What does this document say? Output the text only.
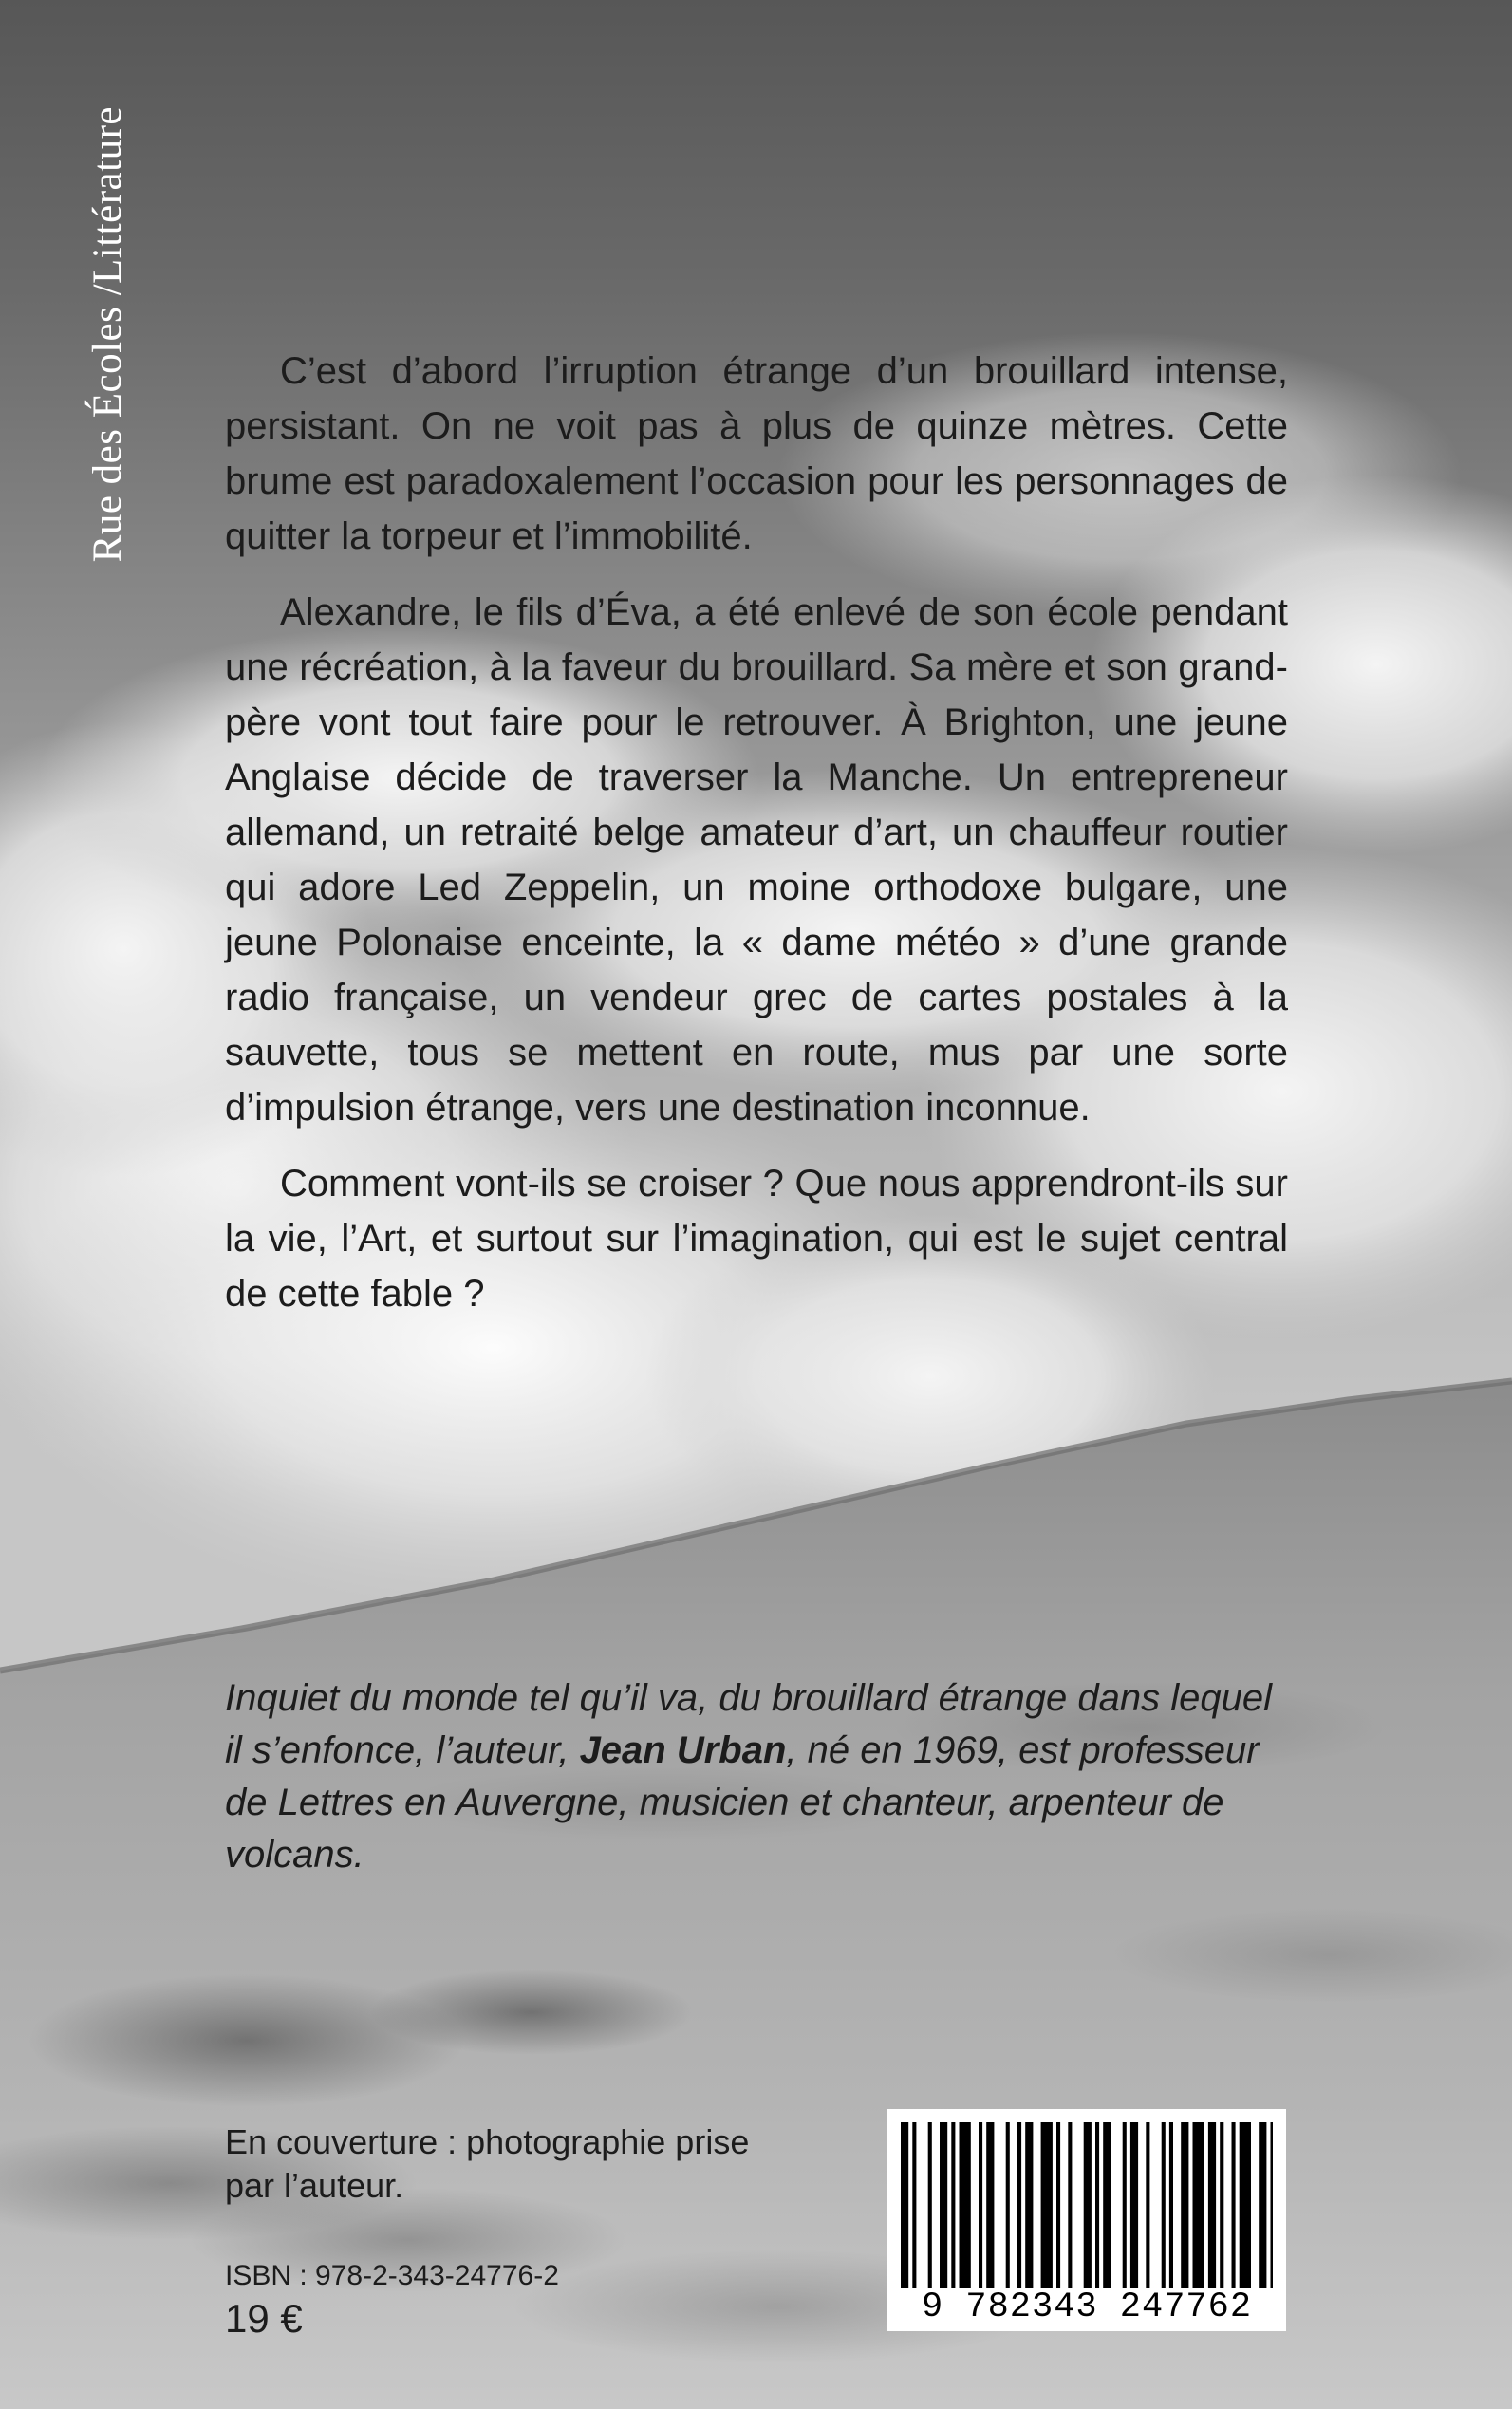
Rue des Écoles /Littérature	C’est d’abord l’irruption étrange d’un brouillard intense, persistant. On ne voit pas à plus de quinze mètres. Cette brume est paradoxalement l’occasion pour les personnages de quitter la torpeur et l’immobilité.

Alexandre, le fils d’Éva, a été enlevé de son école pendant une récréation, à la faveur du brouillard. Sa mère et son grand-père vont tout faire pour le retrouver. À Brighton, une jeune Anglaise décide de traverser la Manche. Un entrepreneur allemand, un retraité belge amateur d’art, un chauffeur routier qui adore Led Zeppelin, un moine orthodoxe bulgare, une jeune Polonaise enceinte, la « dame météo » d’une grande radio française, un vendeur grec de cartes postales à la sauvette, tous se mettent en route, mus par une sorte d’impulsion étrange, vers une destination inconnue.

Comment vont-ils se croiser ? Que nous apprendront-ils sur la vie, l’Art, et surtout sur l’imagination, qui est le sujet central de cette fable ?

Inquiet du monde tel qu’il va, du brouillard étrange dans lequel il s’enfonce, l’auteur, Jean Urban, né en 1969, est professeur de Lettres en Auvergne, musicien et chanteur, arpenteur de volcans.
En couverture : photographie prise
par l’auteur.
ISBN : 978-2-343-24776-2
19 €	9 782343 247762
